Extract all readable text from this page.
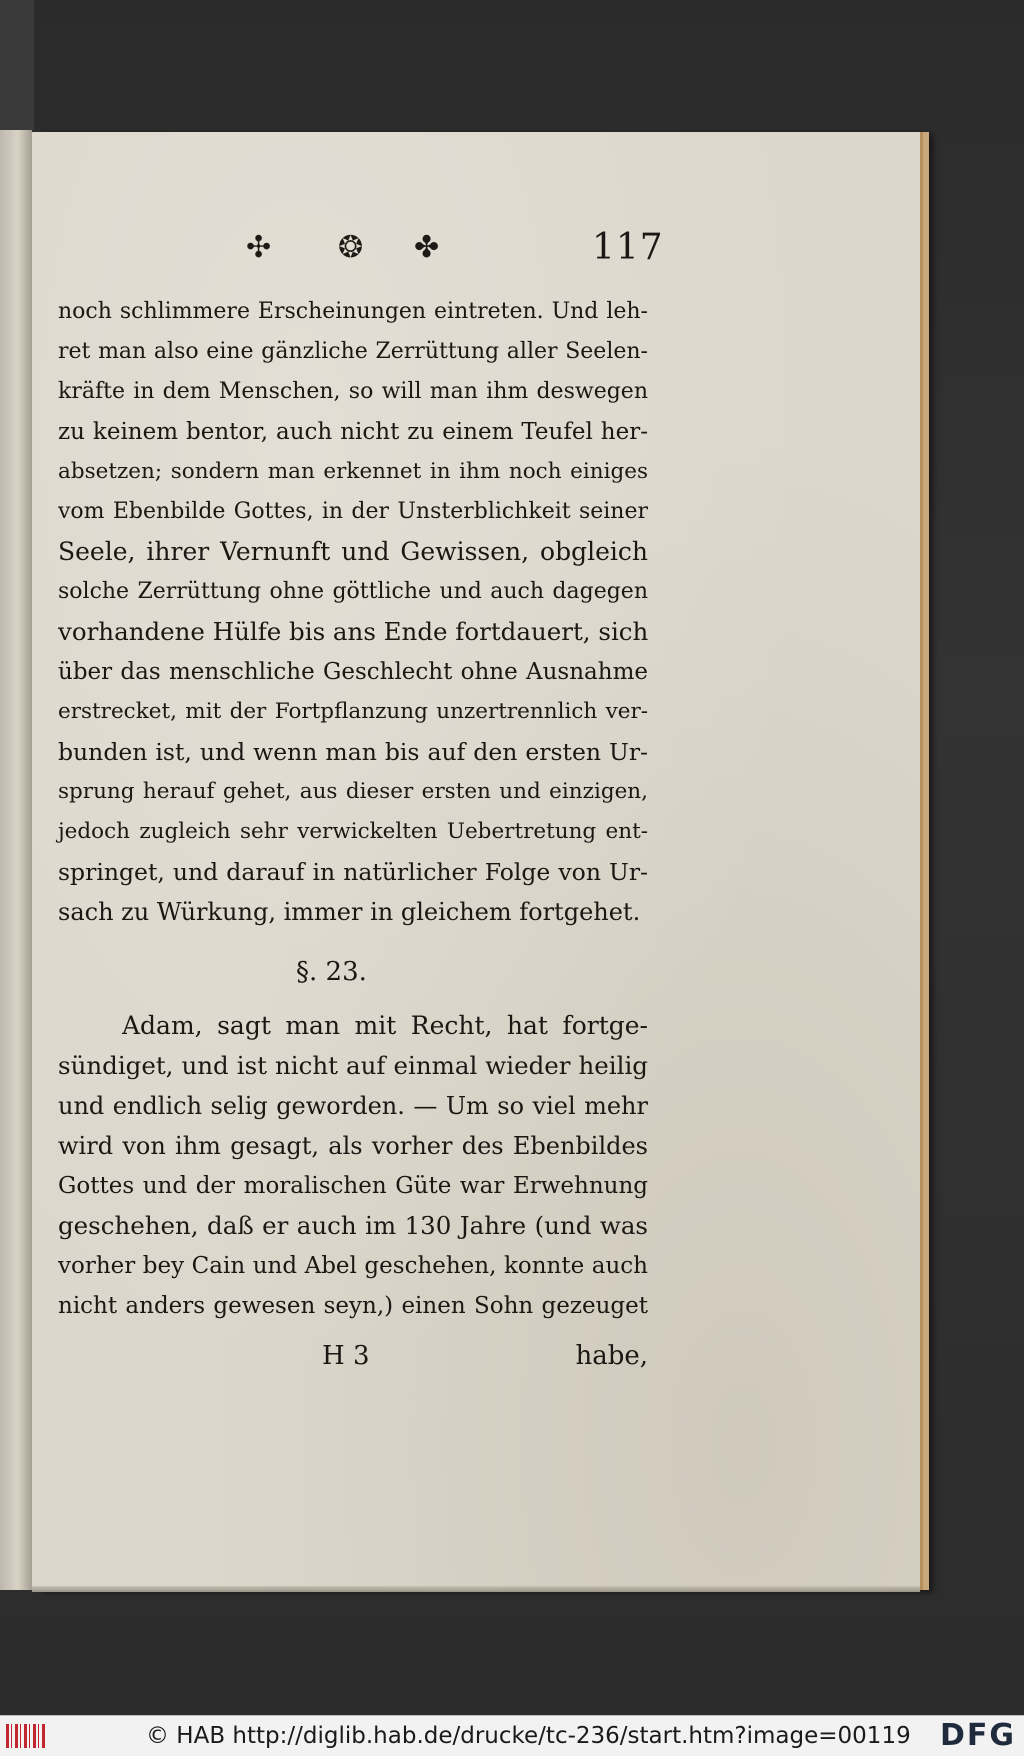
✣ ❂ ✤	117
noch schlimmere Erscheinungen eintreten. Und leh-
ret man also eine gänzliche Zerrüttung aller Seelen-
kräfte in dem Menschen, so will man ihm deswegen
zu keinem bentor, auch nicht zu einem Teufel her-
absetzen; sondern man erkennet in ihm noch einiges
vom Ebenbilde Gottes, in der Unsterblichkeit seiner
Seele, ihrer Vernunft und Gewissen, obgleich
solche Zerrüttung ohne göttliche und auch dagegen
vorhandene Hülfe bis ans Ende fortdauert, sich
über das menschliche Geschlecht ohne Ausnahme
erstrecket, mit der Fortpflanzung unzertrennlich ver-
bunden ist, und wenn man bis auf den ersten Ur-
sprung herauf gehet, aus dieser ersten und einzigen,
jedoch zugleich sehr verwickelten Uebertretung ent-
springet, und darauf in natürlicher Folge von Ur-
sach zu Würkung, immer in gleichem fortgehet.
§. 23.
Adam, sagt man mit Recht, hat fortge-
sündiget, und ist nicht auf einmal wieder heilig
und endlich selig geworden. — Um so viel mehr
wird von ihm gesagt, als vorher des Ebenbildes
Gottes und der moralischen Güte war Erwehnung
geschehen, daß er auch im 130 Jahre (und was
vorher bey Cain und Abel geschehen, konnte auch
nicht anders gewesen seyn,) einen Sohn gezeuget
H 3	habe,
© HAB http://diglib.hab.de/drucke/tc-236/start.htm?image=00119 DFG
